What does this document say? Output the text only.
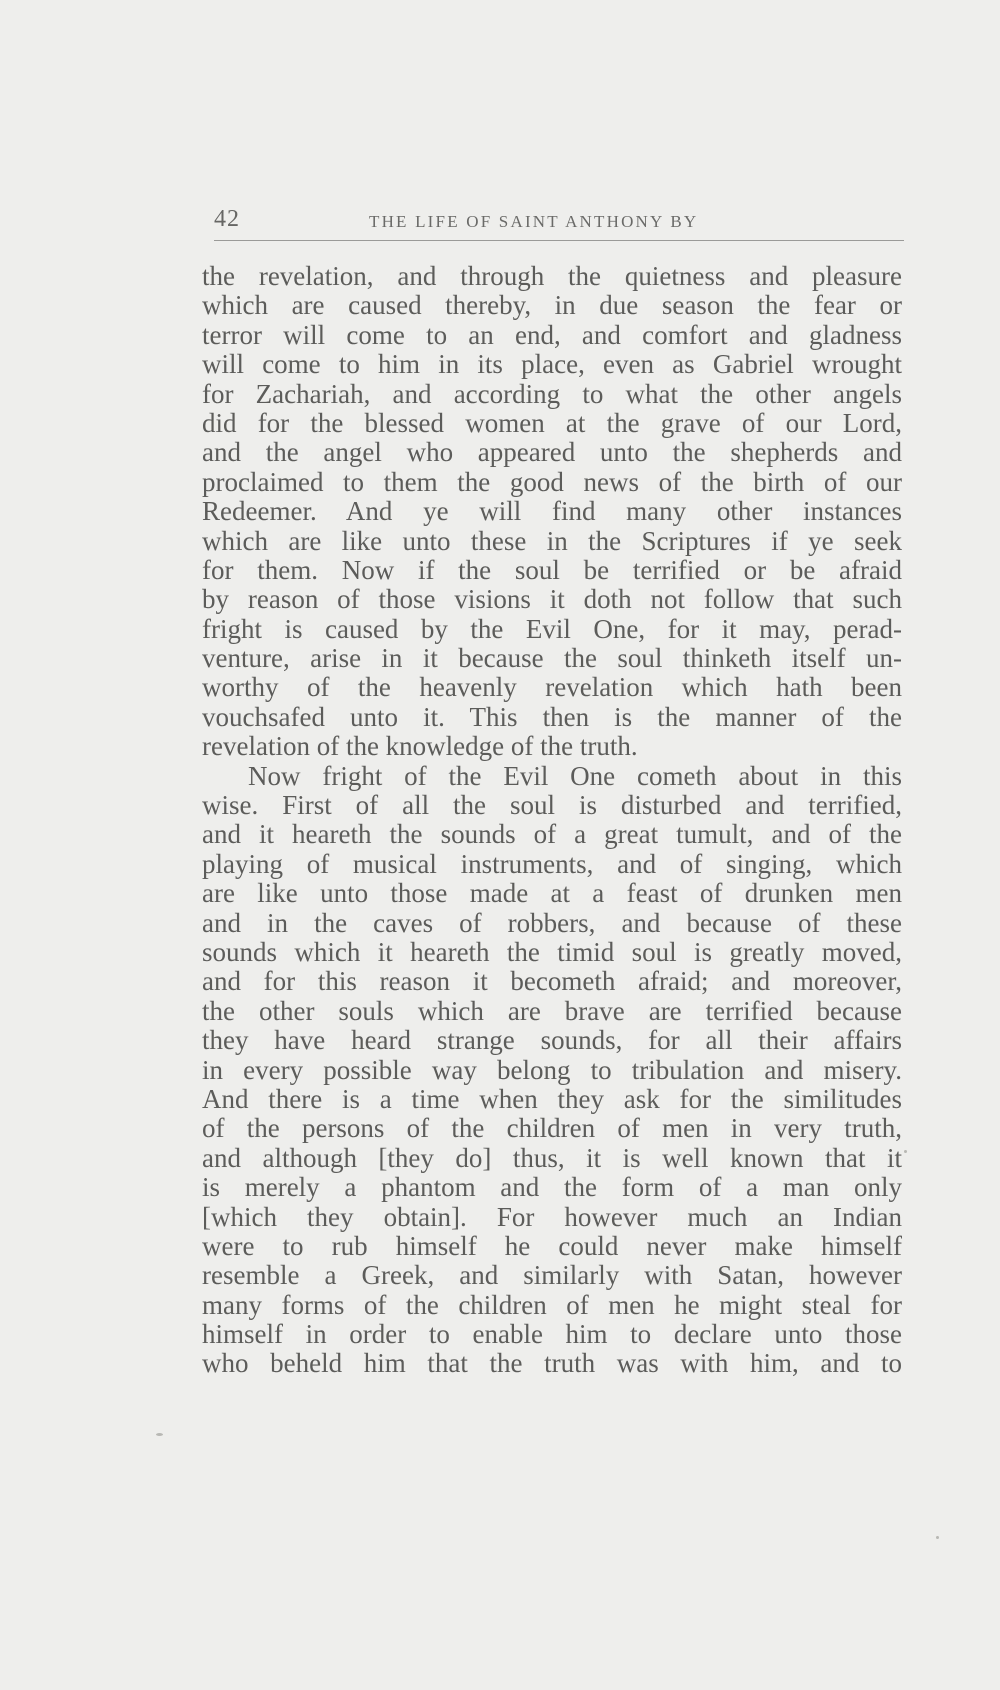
42	THE LIFE OF SAINT ANTHONY BY
the revelation, and through the quietness and pleasure
which are caused thereby, in due season the fear or
terror will come to an end, and comfort and gladness
will come to him in its place, even as Gabriel wrought
for Zachariah, and according to what the other angels
did for the blessed women at the grave of our Lord,
and the angel who appeared unto the shepherds and
proclaimed to them the good news of the birth of our
Redeemer. And ye will find many other instances
which are like unto these in the Scriptures if ye seek
for them. Now if the soul be terrified or be afraid
by reason of those visions it doth not follow that such
fright is caused by the Evil One, for it may, perad-
venture, arise in it because the soul thinketh itself un-
worthy of the heavenly revelation which hath been
vouchsafed unto it. This then is the manner of the
revelation of the knowledge of the truth.
Now fright of the Evil One cometh about in this
wise. First of all the soul is disturbed and terrified,
and it heareth the sounds of a great tumult, and of the
playing of musical instruments, and of singing, which
are like unto those made at a feast of drunken men
and in the caves of robbers, and because of these
sounds which it heareth the timid soul is greatly moved,
and for this reason it becometh afraid; and moreover,
the other souls which are brave are terrified because
they have heard strange sounds, for all their affairs
in every possible way belong to tribulation and misery.
And there is a time when they ask for the similitudes
of the persons of the children of men in very truth,
and although [they do] thus, it is well known that it
is merely a phantom and the form of a man only
[which they obtain]. For however much an Indian
were to rub himself he could never make himself
resemble a Greek, and similarly with Satan, however
many forms of the children of men he might steal for
himself in order to enable him to declare unto those
who beheld him that the truth was with him, and to
